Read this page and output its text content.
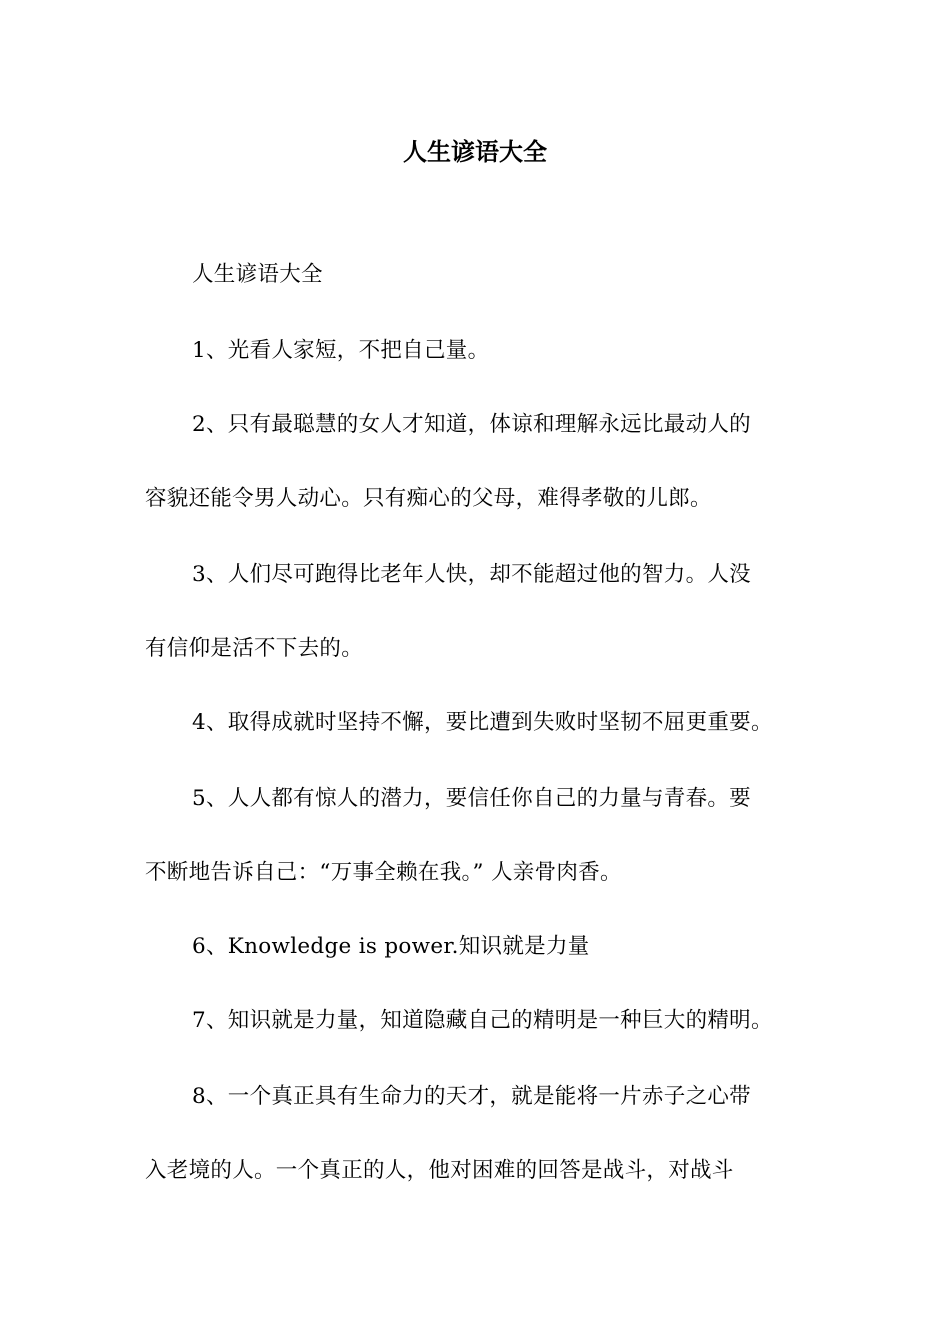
人生谚语大全
人生谚语大全
1、光看人家短，不把自己量。
2、只有最聪慧的女人才知道，体谅和理解永远比最动人的
容貌还能令男人动心。只有痴心的父母，难得孝敬的儿郎。
3、人们尽可跑得比老年人快，却不能超过他的智力。人没
有信仰是活不下去的。
4、取得成就时坚持不懈，要比遭到失败时坚韧不屈更重要。
5、人人都有惊人的潜力，要信任你自己的力量与青春。要
不断地告诉自己：“万事全赖在我。” 人亲骨肉香。
6、Knowledge is power.知识就是力量
7、知识就是力量，知道隐藏自己的精明是一种巨大的精明。
8、一个真正具有生命力的天才，就是能将一片赤子之心带
入老境的人。一个真正的人，他对困难的回答是战斗，对战斗
